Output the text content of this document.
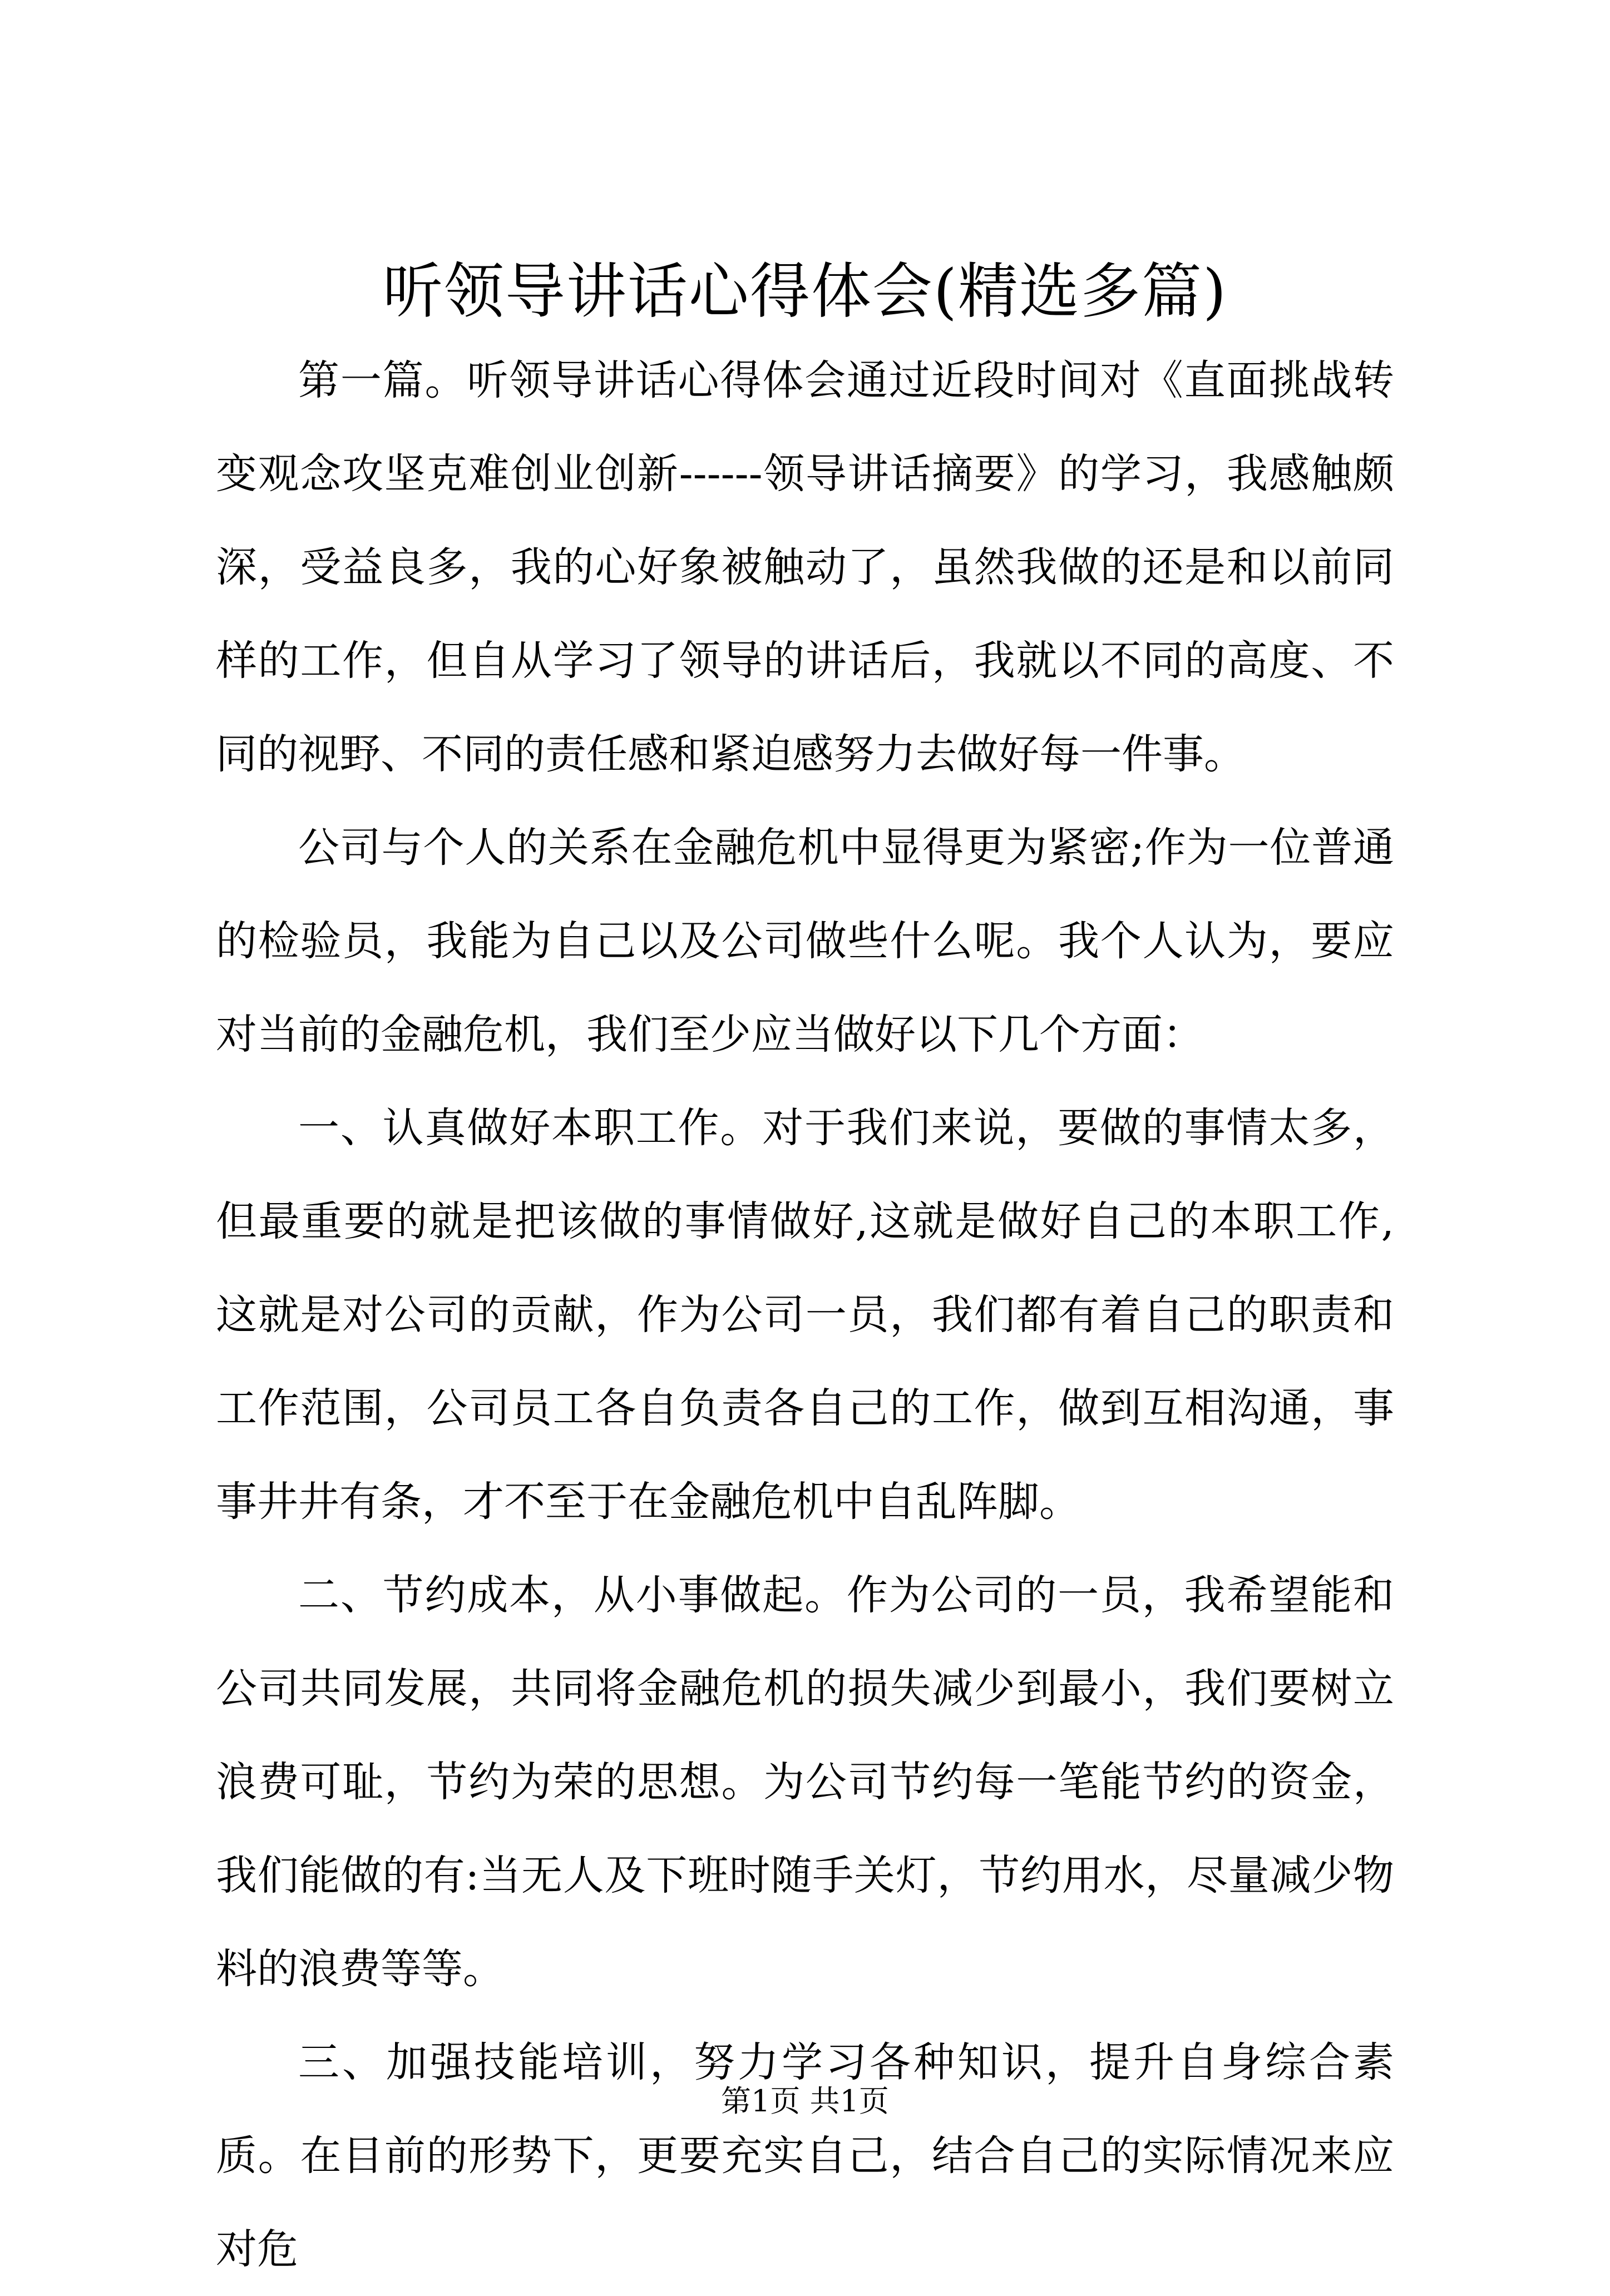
听领导讲话心得体会(精选多篇)

第一篇。听领导讲话心得体会通过近段时间对《直面挑战转变观念攻坚克难创业创新------领导讲话摘要》的学习，我感触颇深，受益良多，我的心好象被触动了，虽然我做的还是和以前同样的工作，但自从学习了领导的讲话后，我就以不同的高度、不同的视野、不同的责任感和紧迫感努力去做好每一件事。

公司与个人的关系在金融危机中显得更为紧密;作为一位普通的检验员，我能为自己以及公司做些什么呢。我个人认为，要应对当前的金融危机，我们至少应当做好以下几个方面：

一、认真做好本职工作。对于我们来说，要做的事情太多，但最重要的就是把该做的事情做好,这就是做好自己的本职工作,这就是对公司的贡献，作为公司一员，我们都有着自己的职责和工作范围，公司员工各自负责各自己的工作，做到互相沟通，事事井井有条，才不至于在金融危机中自乱阵脚。

二、节约成本，从小事做起。作为公司的一员，我希望能和公司共同发展，共同将金融危机的损失减少到最小，我们要树立浪费可耻，节约为荣的思想。为公司节约每一笔能节约的资金，我们能做的有:当无人及下班时随手关灯，节约用水，尽量减少物料的浪费等等。

三、加强技能培训，努力学习各种知识，提升自身综合素质。在目前的形势下，更要充实自己，结合自己的实际情况来应对危

第1页 共1页
